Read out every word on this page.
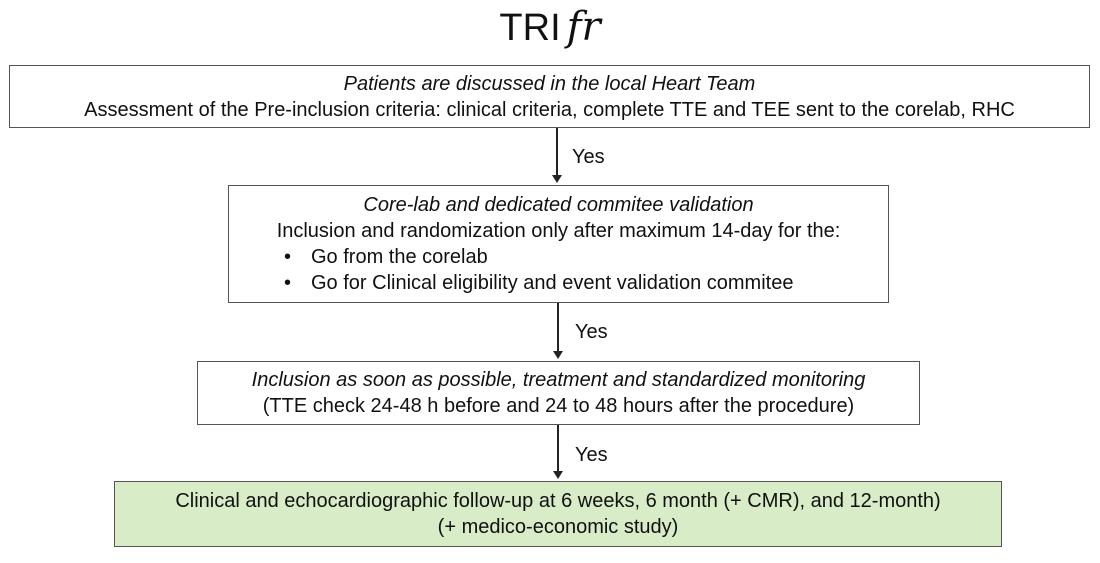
TRI fr
Patients are discussed in the local Heart Team
Assessment of the Pre-inclusion criteria: clinical criteria, complete TTE and TEE sent to the corelab, RHC
Yes
Core-lab and dedicated commitee validation
Inclusion and randomization only after maximum 14-day for the:
• Go from the corelab
• Go for Clinical eligibility and event validation commitee
Yes
Inclusion as soon as possible, treatment and standardized monitoring
(TTE check 24-48 h before and 24 to 48 hours after the procedure)
Yes
Clinical and echocardiographic follow-up at 6 weeks, 6 month (+ CMR), and 12-month)
(+ medico-economic study)
